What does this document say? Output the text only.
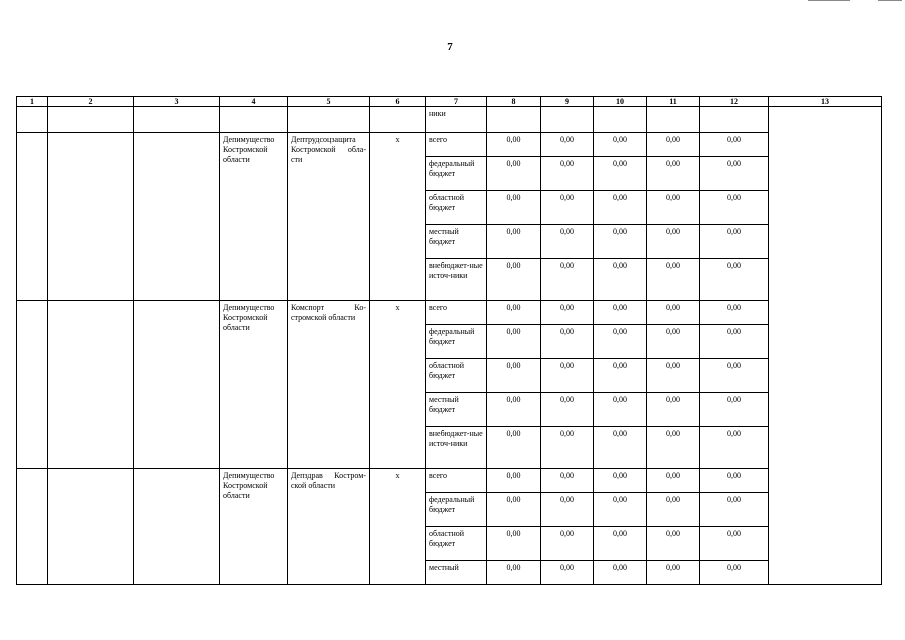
7
1	2	3	4	5	6	7	8	9	10	11	12	13
						ники						
			Депимущество Костромской области	Дептрудсоцзащита Костромской обла-сти	х	всего	0,00	0,00	0,00	0,00	0,00	
						федеральный бюджет	0,00	0,00	0,00	0,00	0,00	
						областной бюджет	0,00	0,00	0,00	0,00	0,00	
						местный бюджет	0,00	0,00	0,00	0,00	0,00	
						внебюджет-ные источ-ники	0,00	0,00	0,00	0,00	0,00	
			Депимущество Костромской области	Комспорт Ко-стромской области	х	всего	0,00	0,00	0,00	0,00	0,00	
						федеральный бюджет	0,00	0,00	0,00	0,00	0,00	
						областной бюджет	0,00	0,00	0,00	0,00	0,00	
						местный бюджет	0,00	0,00	0,00	0,00	0,00	
						внебюджет-ные источ-ники	0,00	0,00	0,00	0,00	0,00	
			Депимущество Костромской области	Депздрав Костром-ской области	х	всего	0,00	0,00	0,00	0,00	0,00	
						федеральный бюджет	0,00	0,00	0,00	0,00	0,00	
						областной бюджет	0,00	0,00	0,00	0,00	0,00	
						местный	0,00	0,00	0,00	0,00	0,00	
